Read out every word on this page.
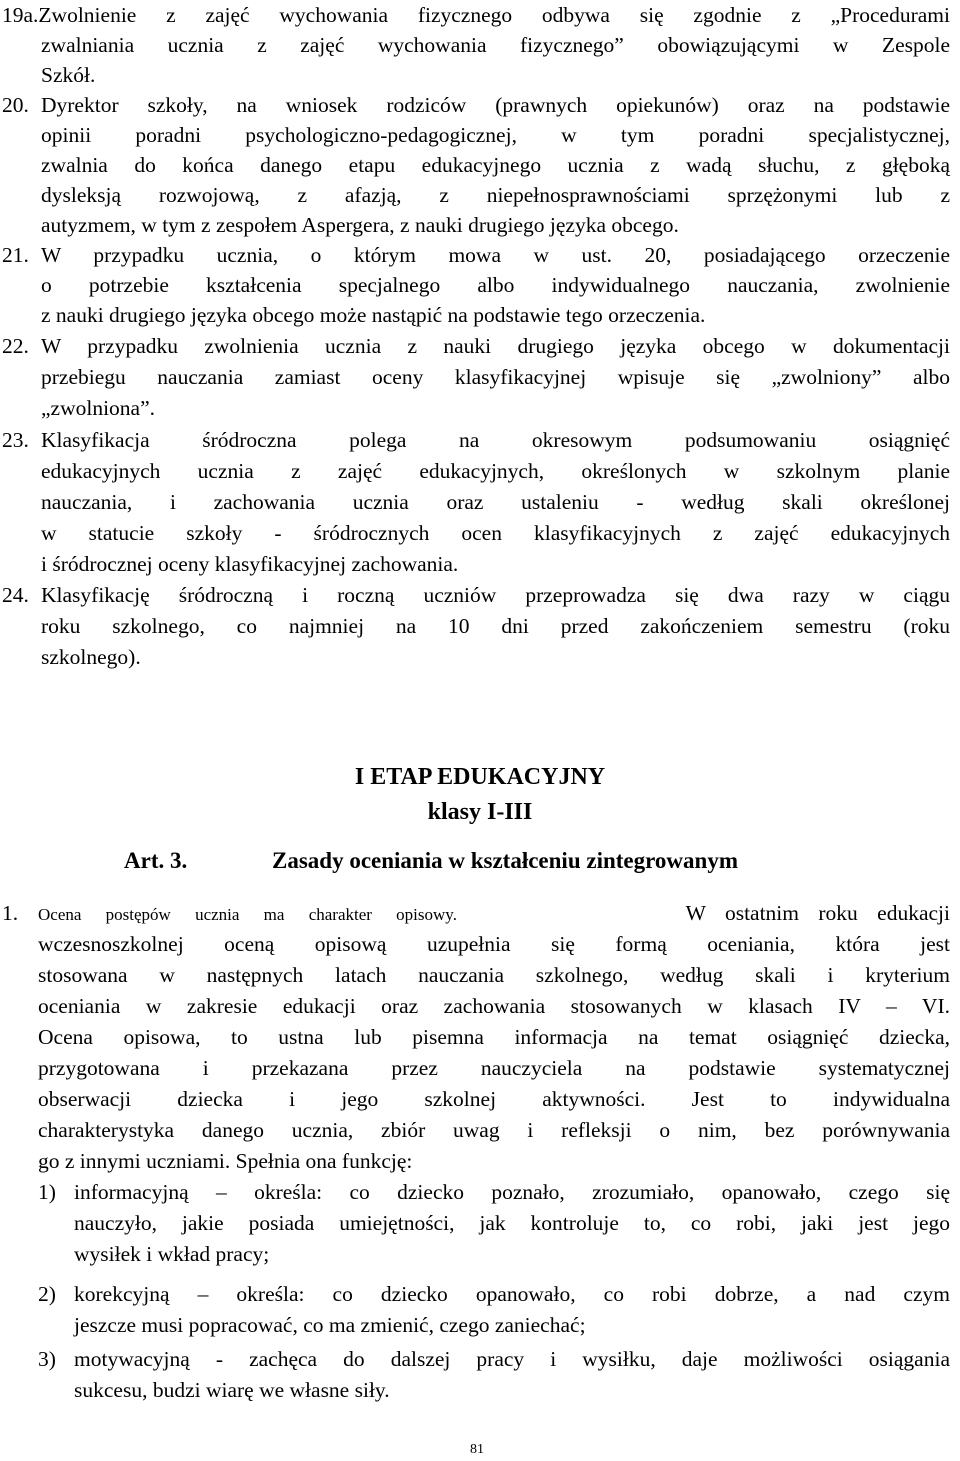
19a.Zwolnienie z zajęć wychowania fizycznego odbywa się zgodnie z „Procedurami
zwalniania ucznia z zajęć wychowania fizycznego” obowiązującymi w Zespole
Szkół.
20. Dyrektor szkoły, na wniosek rodziców (prawnych opiekunów) oraz na podstawie
opinii poradni psychologiczno-pedagogicznej, w tym poradni specjalistycznej,
zwalnia do końca danego etapu edukacyjnego ucznia z wadą słuchu, z głęboką
dysleksją rozwojową, z afazją, z niepełnosprawnościami sprzężonymi lub z
autyzmem, w tym z zespołem Aspergera, z nauki drugiego języka obcego.
21. W przypadku ucznia, o którym mowa w ust. 20, posiadającego orzeczenie
o potrzebie kształcenia specjalnego albo indywidualnego nauczania, zwolnienie
z nauki drugiego języka obcego może nastąpić na podstawie tego orzeczenia.
22. W przypadku zwolnienia ucznia z nauki drugiego języka obcego w dokumentacji
przebiegu nauczania zamiast oceny klasyfikacyjnej wpisuje się „zwolniony” albo
„zwolniona”.
23. Klasyfikacja śródroczna polega na okresowym podsumowaniu osiągnięć
edukacyjnych ucznia z zajęć edukacyjnych, określonych w szkolnym planie
nauczania, i zachowania ucznia oraz ustaleniu - według skali określonej
w statucie szkoły - śródrocznych ocen klasyfikacyjnych z zajęć edukacyjnych
i śródrocznej oceny klasyfikacyjnej zachowania.
24. Klasyfikację śródroczną i roczną uczniów przeprowadza się dwa razy w ciągu
roku szkolnego, co najmniej na 10 dni przed zakończeniem semestru (roku
szkolnego).
I ETAP EDUKACYJNY
klasy I-III
Art. 3.	Zasady oceniania w kształceniu zintegrowanym
1. Ocena postępów ucznia ma charakter opisowy.	W ostatnim roku edukacji
wczesnoszkolnej oceną opisową uzupełnia się formą oceniania, która jest
stosowana w następnych latach nauczania szkolnego, według skali i kryterium
oceniania w zakresie edukacji oraz zachowania stosowanych w klasach IV – VI.
Ocena opisowa, to ustna lub pisemna informacja na temat osiągnięć dziecka,
przygotowana i przekazana przez nauczyciela na podstawie systematycznej
obserwacji dziecka i jego szkolnej aktywności. Jest to indywidualna
charakterystyka danego ucznia, zbiór uwag i refleksji o nim, bez porównywania
go z innymi uczniami. Spełnia ona funkcję:
1) informacyjną – określa: co dziecko poznało, zrozumiało, opanowało, czego się
nauczyło, jakie posiada umiejętności, jak kontroluje to, co robi, jaki jest jego
wysiłek i wkład pracy;
2) korekcyjną – określa: co dziecko opanowało, co robi dobrze, a nad czym
jeszcze musi popracować, co ma zmienić, czego zaniechać;
3) motywacyjną - zachęca do dalszej pracy i wysiłku, daje możliwości osiągania
sukcesu, budzi wiarę we własne siły.
81
